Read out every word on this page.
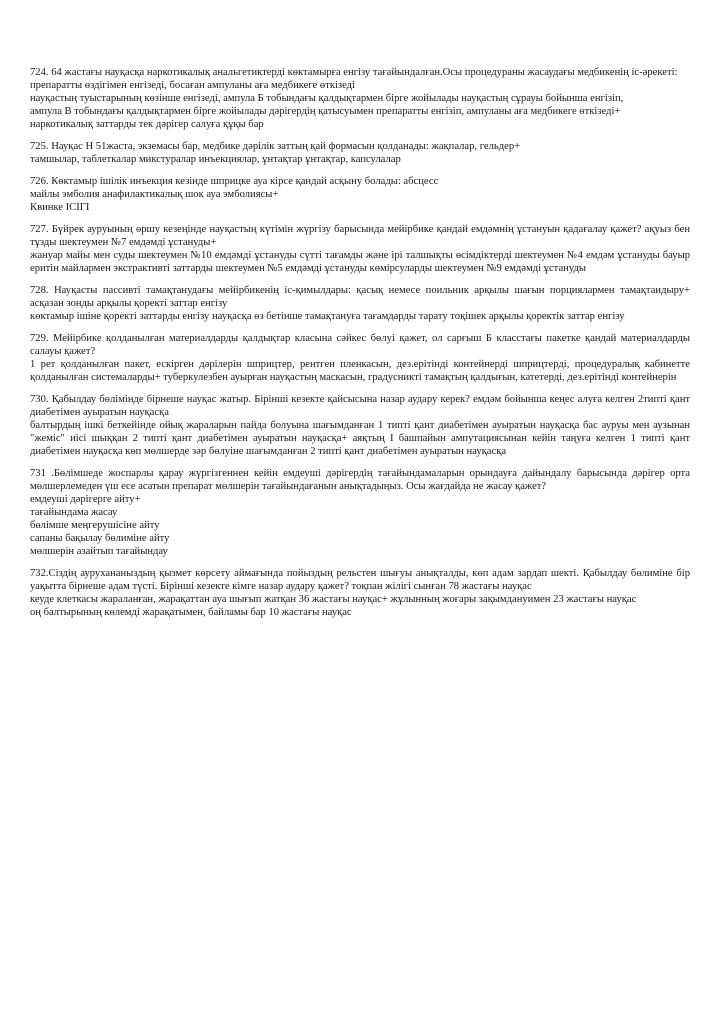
724. 64 жастағы науқасқа наркотикалық анальгетиктерді көктамырға енгізу тағайындалған.Осы процедураны жасаудағы медбикенің іс-әрекеті:

препаратты өздігімен енгізеді, босаған ампуланы аға медбикеге өткізеді

науқастың туыстарының көзінше енгізеді, ампула Б тобындағы қалдықтармен бірге жойылады науқастың сұрауы бойынша енгізіп,

ампула В тобындағы қалдықтармен бірге жойылады дәрігердің қатысуымен препаратты енгізіп, ампуланы аға медбикеге өткізеді+

наркотикалық заттарды тек дәрігер салуға құқы бар

725. Науқас Н 51жаста, экземасы бар, медбике дәрілік заттың қай формасын қолданады: жақпалар, гельдер+

тамшылар, таблеткалар микстуралар инъекциялар, ұнтақтар ұнтақтар, капсулалар

726. Көктамыр ішілік инъекция кезінде шприцке ауа кірсе қандай асқыну болады: абсцесс

майлы эмболия анафилактикалық шок ауа эмболиясы+

Квинке ІСІГІ

727. Бүйрек ауруының өршу кезеңінде науқастың күтімін жүргізу барысында мейірбике қандай емдәмнің ұстануын қадағалау қажет? ақуыз бен тұзды шектеумен №7 емдәмді ұстануды+

жануар майы мен суды шектеумен №10 емдәмді ұстануды сүтті тағамды және ірі талшықты өсімдіктерді шектеумен №4 емдәм ұстануды бауыр еритін майлармен экстрактивті заттарды шектеумен №5 емдәмді ұстануды көмірсуларды шектеумен №9 емдәмді ұстануды

728. Науқасты пассивті тамақтанудағы мейірбикенің іс-қимылдары: қасық немесе поильник арқылы шағын порциялармен тамақтандыру+ асқазан зонды арқылы қоректі заттар енгізу

көктамыр ішіне қоректі заттарды енгізу науқасқа өз бетінше тамақтануға тағамдарды тарату тоқішек арқылы қоректік заттар енгізу

729. Мейірбике қолданылған материалдарды қалдықтар класына сәйкес бөлуі қажет, ол сарғыш Б класстағы пакетке қандай материалдарды салауы қажет?

1 рет қолданылған пакет, ескірген дәрілерін шприцтер, рентген пленкасын, дез.ерітінді контейнерді шприцтерді, процедуралық кабинетте қолданылған системаларды+ туберкулезбен ауырған науқастың маскасын, градусникті тамақтың қалдығын, катетерді, дез.ерітінді контейнерін

730. Қабылдау бөлімінде бірнеше науқас жатыр. Бірінші кезекте қайсысына назар аудару керек? емдәм бойынша кеңес алуға келген 2типті қант диабетімен ауыратын науқасқа

балтырдың ішкі беткейінде ойық жараларын пайда болуына шағымданған 1 типті қант диабетімен ауыратын науқасқа бас ауруы мен аузынан "жеміс" иісі шыққан 2 типті қант диабетімен ауыратын науқасқа+ аяқтың І башпайын ампутациясынан кейін таңуға келген 1 типті қант диабетімен науқасқа көп мөлшерде зәр бөлуіне шағымданған 2 типті қант диабетімен ауыратын науқасқа

731 .Бөлімшеде жоспарлы қарау жүргізгеннен кейін емдеуші дәрігердің тағайындамаларын орындауға дайындалу барысында дәрігер орта мөлшерлемеден үш есе асатын препарат мөлшерін тағайындағанын анықтадыңыз. Осы жағдайда не жасау қажет?

емдеуші дәрігерге айту+

тағайындама жасау

бөлімше меңгерушісіне айту

сапаны бақылау бөлиміне айту

мөлшерін азайтып тағайындау

732.Сіздің аурухананыздың қызмет көрсету аймағында пойыздың рельстен шығуы анықталды, көп адам зардап шекті. Қабылдау бөлиміне бір уақытта бірнеше адам түсті. Бірінші кезекте кімге назар аудару қажет? тоқпан жілігі сынған 78 жастағы науқас

кеуде клеткасы жараланған, жарақаттан ауа шығып жатқан 36 жастағы науқас+ жұлынның жоғары зақымдануимен 23 жастағы науқас

оң балтырының көлемді жарақатымен, байламы бар 10 жастағы науқас
